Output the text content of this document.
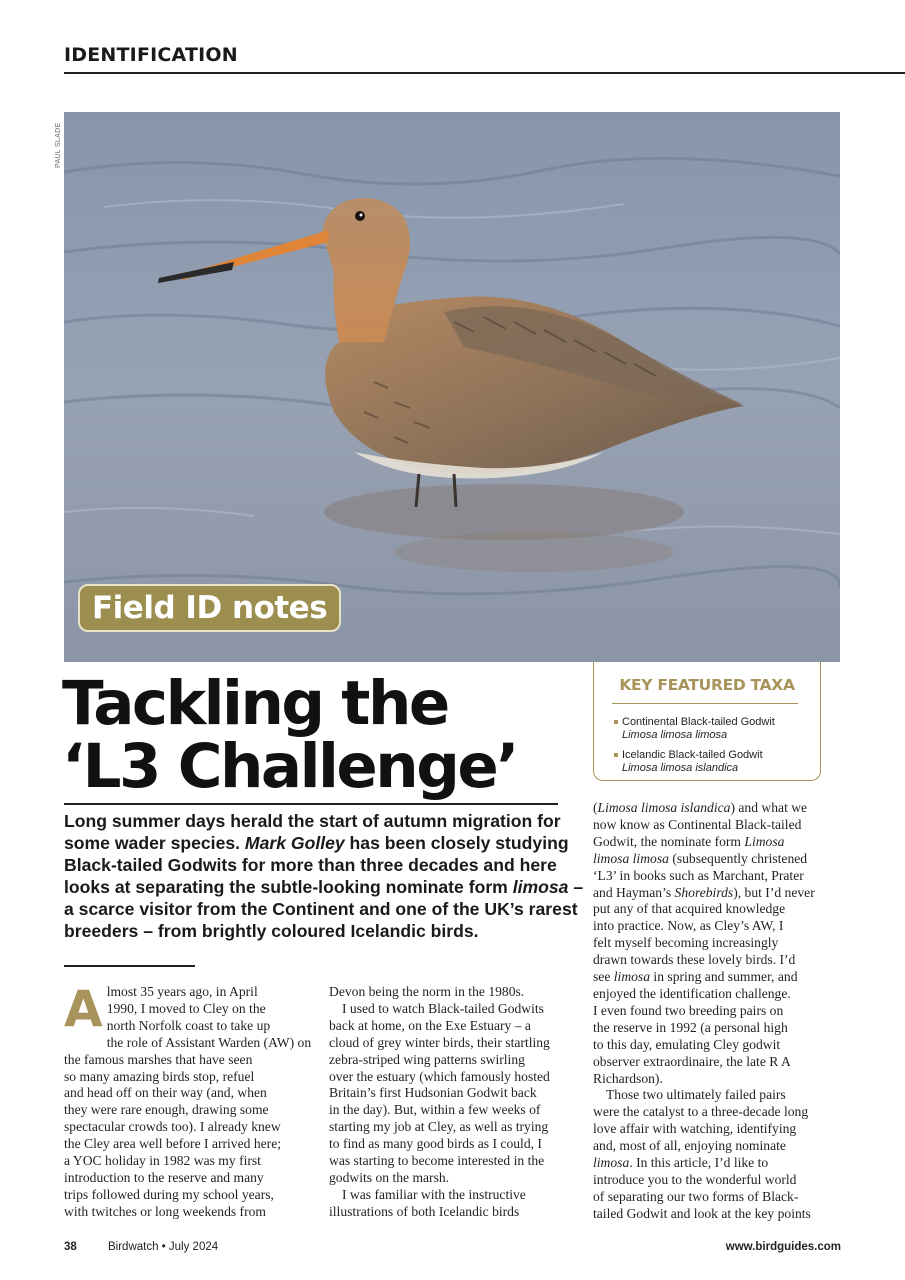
IDENTIFICATION
PAUL SLADE
Field ID notes
Tackling the
‘L3 Challenge’
Long summer days herald the start of autumn migration for some wader species. Mark Golley has been closely studying Black-tailed Godwits for more than three decades and here looks at separating the subtle-looking nominate form limosa – a scarce visitor from the Continent and one of the UK’s rarest breeders – from brightly coloured Icelandic birds.
KEY FEATURED TAXA
Continental Black-tailed Godwit
Limosa limosa limosa
Icelandic Black-tailed Godwit
Limosa limosa islandica
A lmost 35 years ago, in April
1990, I moved to Cley on the
north Norfolk coast to take up
the role of Assistant Warden (AW) on
the famous marshes that have seen
so many amazing birds stop, refuel
and head off on their way (and, when
they were rare enough, drawing some
spectacular crowds too). I already knew
the Cley area well before I arrived here;
a YOC holiday in 1982 was my first
introduction to the reserve and many
trips followed during my school years,
with twitches or long weekends from
Devon being the norm in the 1980s.
I used to watch Black-tailed Godwits
back at home, on the Exe Estuary – a
cloud of grey winter birds, their startling
zebra-striped wing patterns swirling
over the estuary (which famously hosted
Britain’s first Hudsonian Godwit back
in the day). But, within a few weeks of
starting my job at Cley, as well as trying
to find as many good birds as I could, I
was starting to become interested in the
godwits on the marsh.
I was familiar with the instructive
illustrations of both Icelandic birds
(Limosa limosa islandica) and what we
now know as Continental Black-tailed
Godwit, the nominate form Limosa
limosa limosa (subsequently christened
‘L3’ in books such as Marchant, Prater
and Hayman’s Shorebirds), but I’d never
put any of that acquired knowledge
into practice. Now, as Cley’s AW, I
felt myself becoming increasingly
drawn towards these lovely birds. I’d
see limosa in spring and summer, and
enjoyed the identification challenge.
I even found two breeding pairs on
the reserve in 1992 (a personal high
to this day, emulating Cley godwit
observer extraordinaire, the late R A
Richardson).
Those two ultimately failed pairs
were the catalyst to a three-decade long
love affair with watching, identifying
and, most of all, enjoying nominate
limosa. In this article, I’d like to
introduce you to the wonderful world
of separating our two forms of Black-
tailed Godwit and look at the key points
38	Birdwatch • July 2024	www.birdguides.com
